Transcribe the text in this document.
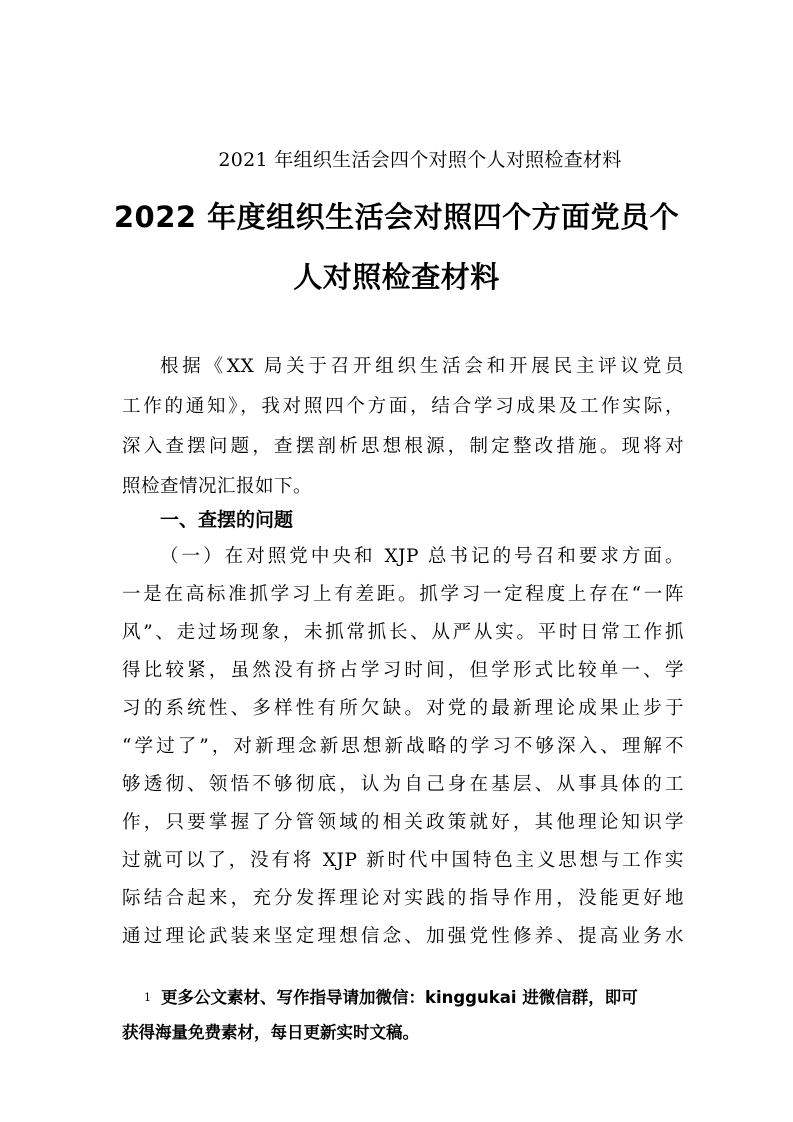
2021 年组织生活会四个对照个人对照检查材料
2022 年度组织生活会对照四个方面党员个
人对照检查材料
根据《XX 局关于召开组织生活会和开展民主评议党员
工作的通知》，我对照四个方面，结合学习成果及工作实际，
深入查摆问题，查摆剖析思想根源，制定整改措施。现将对
照检查情况汇报如下。
一、查摆的问题
（一）在对照党中央和 XJP 总书记的号召和要求方面。
一是在高标准抓学习上有差距。抓学习一定程度上存在“一阵
风”、走过场现象，未抓常抓长、从严从实。平时日常工作抓
得比较紧，虽然没有挤占学习时间，但学形式比较单一、学
习的系统性、多样性有所欠缺。对党的最新理论成果止步于
“学过了”，对新理念新思想新战略的学习不够深入、理解不
够透彻、领悟不够彻底，认为自己身在基层、从事具体的工
作，只要掌握了分管领域的相关政策就好，其他理论知识学
过就可以了，没有将 XJP 新时代中国特色主义思想与工作实
际结合起来，充分发挥理论对实践的指导作用，没能更好地
通过理论武装来坚定理想信念、加强党性修养、提高业务水
1 更多公文素材、写作指导请加微信：kinggukai 进微信群，即可
获得海量免费素材，每日更新实时文稿。
